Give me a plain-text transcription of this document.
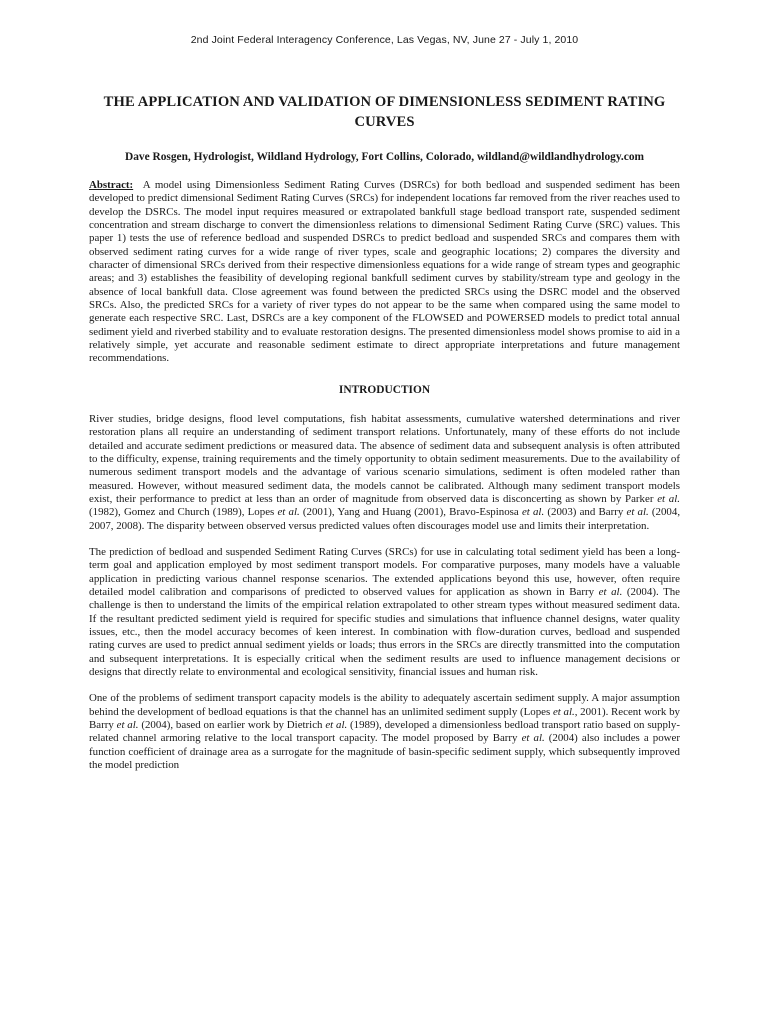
2nd Joint Federal Interagency Conference, Las Vegas, NV, June 27 - July 1, 2010
THE APPLICATION AND VALIDATION OF DIMENSIONLESS SEDIMENT RATING CURVES
Dave Rosgen, Hydrologist, Wildland Hydrology, Fort Collins, Colorado, wildland@wildlandhydrology.com

Abstract: A model using Dimensionless Sediment Rating Curves (DSRCs) for both bedload and suspended sediment has been developed to predict dimensional Sediment Rating Curves (SRCs) for independent locations far removed from the river reaches used to develop the DSRCs. The model input requires measured or extrapolated bankfull stage bedload transport rate, suspended sediment concentration and stream discharge to convert the dimensionless relations to dimensional Sediment Rating Curve (SRC) values. This paper 1) tests the use of reference bedload and suspended DSRCs to predict bedload and suspended SRCs and compares them with observed sediment rating curves for a wide range of river types, scale and geographic locations; 2) compares the diversity and character of dimensional SRCs derived from their respective dimensionless equations for a wide range of stream types and geographic areas; and 3) establishes the feasibility of developing regional bankfull sediment curves by stability/stream type and geology in the absence of local bankfull data. Close agreement was found between the predicted SRCs using the DSRC model and the observed SRCs. Also, the predicted SRCs for a variety of river types do not appear to be the same when compared using the same model to generate each respective SRC. Last, DSRCs are a key component of the FLOWSED and POWERSED models to predict total annual sediment yield and riverbed stability and to evaluate restoration designs. The presented dimensionless model shows promise to aid in a relatively simple, yet accurate and reasonable sediment estimate to direct appropriate interpretations and future management recommendations.

INTRODUCTION

River studies, bridge designs, flood level computations, fish habitat assessments, cumulative watershed determinations and river restoration plans all require an understanding of sediment transport relations. Unfortunately, many of these efforts do not include detailed and accurate sediment predictions or measured data. The absence of sediment data and subsequent analysis is often attributed to the difficulty, expense, training requirements and the timely opportunity to obtain sediment measurements. Due to the availability of numerous sediment transport models and the advantage of various scenario simulations, sediment is often modeled rather than measured. However, without measured sediment data, the models cannot be calibrated. Although many sediment transport models exist, their performance to predict at less than an order of magnitude from observed data is disconcerting as shown by Parker et al. (1982), Gomez and Church (1989), Lopes et al. (2001), Yang and Huang (2001), Bravo-Espinosa et al. (2003) and Barry et al. (2004, 2007, 2008). The disparity between observed versus predicted values often discourages model use and limits their interpretation.

The prediction of bedload and suspended Sediment Rating Curves (SRCs) for use in calculating total sediment yield has been a long-term goal and application employed by most sediment transport models. For comparative purposes, many models have a valuable application in predicting various channel response scenarios. The extended applications beyond this use, however, often require detailed model calibration and comparisons of predicted to observed values for application as shown in Barry et al. (2004). The challenge is then to understand the limits of the empirical relation extrapolated to other stream types without measured sediment data. If the resultant predicted sediment yield is required for specific studies and simulations that influence channel designs, water quality issues, etc., then the model accuracy becomes of keen interest. In combination with flow-duration curves, bedload and suspended rating curves are used to predict annual sediment yields or loads; thus errors in the SRCs are directly transmitted into the computation and subsequent interpretations. It is especially critical when the sediment results are used to influence management decisions or designs that directly relate to environmental and ecological sensitivity, financial issues and human risk.

One of the problems of sediment transport capacity models is the ability to adequately ascertain sediment supply. A major assumption behind the development of bedload equations is that the channel has an unlimited sediment supply (Lopes et al., 2001). Recent work by Barry et al. (2004), based on earlier work by Dietrich et al. (1989), developed a dimensionless bedload transport ratio based on supply-related channel armoring relative to the local transport capacity. The model proposed by Barry et al. (2004) also includes a power function coefficient of drainage area as a surrogate for the magnitude of basin-specific sediment supply, which subsequently improved the model prediction
